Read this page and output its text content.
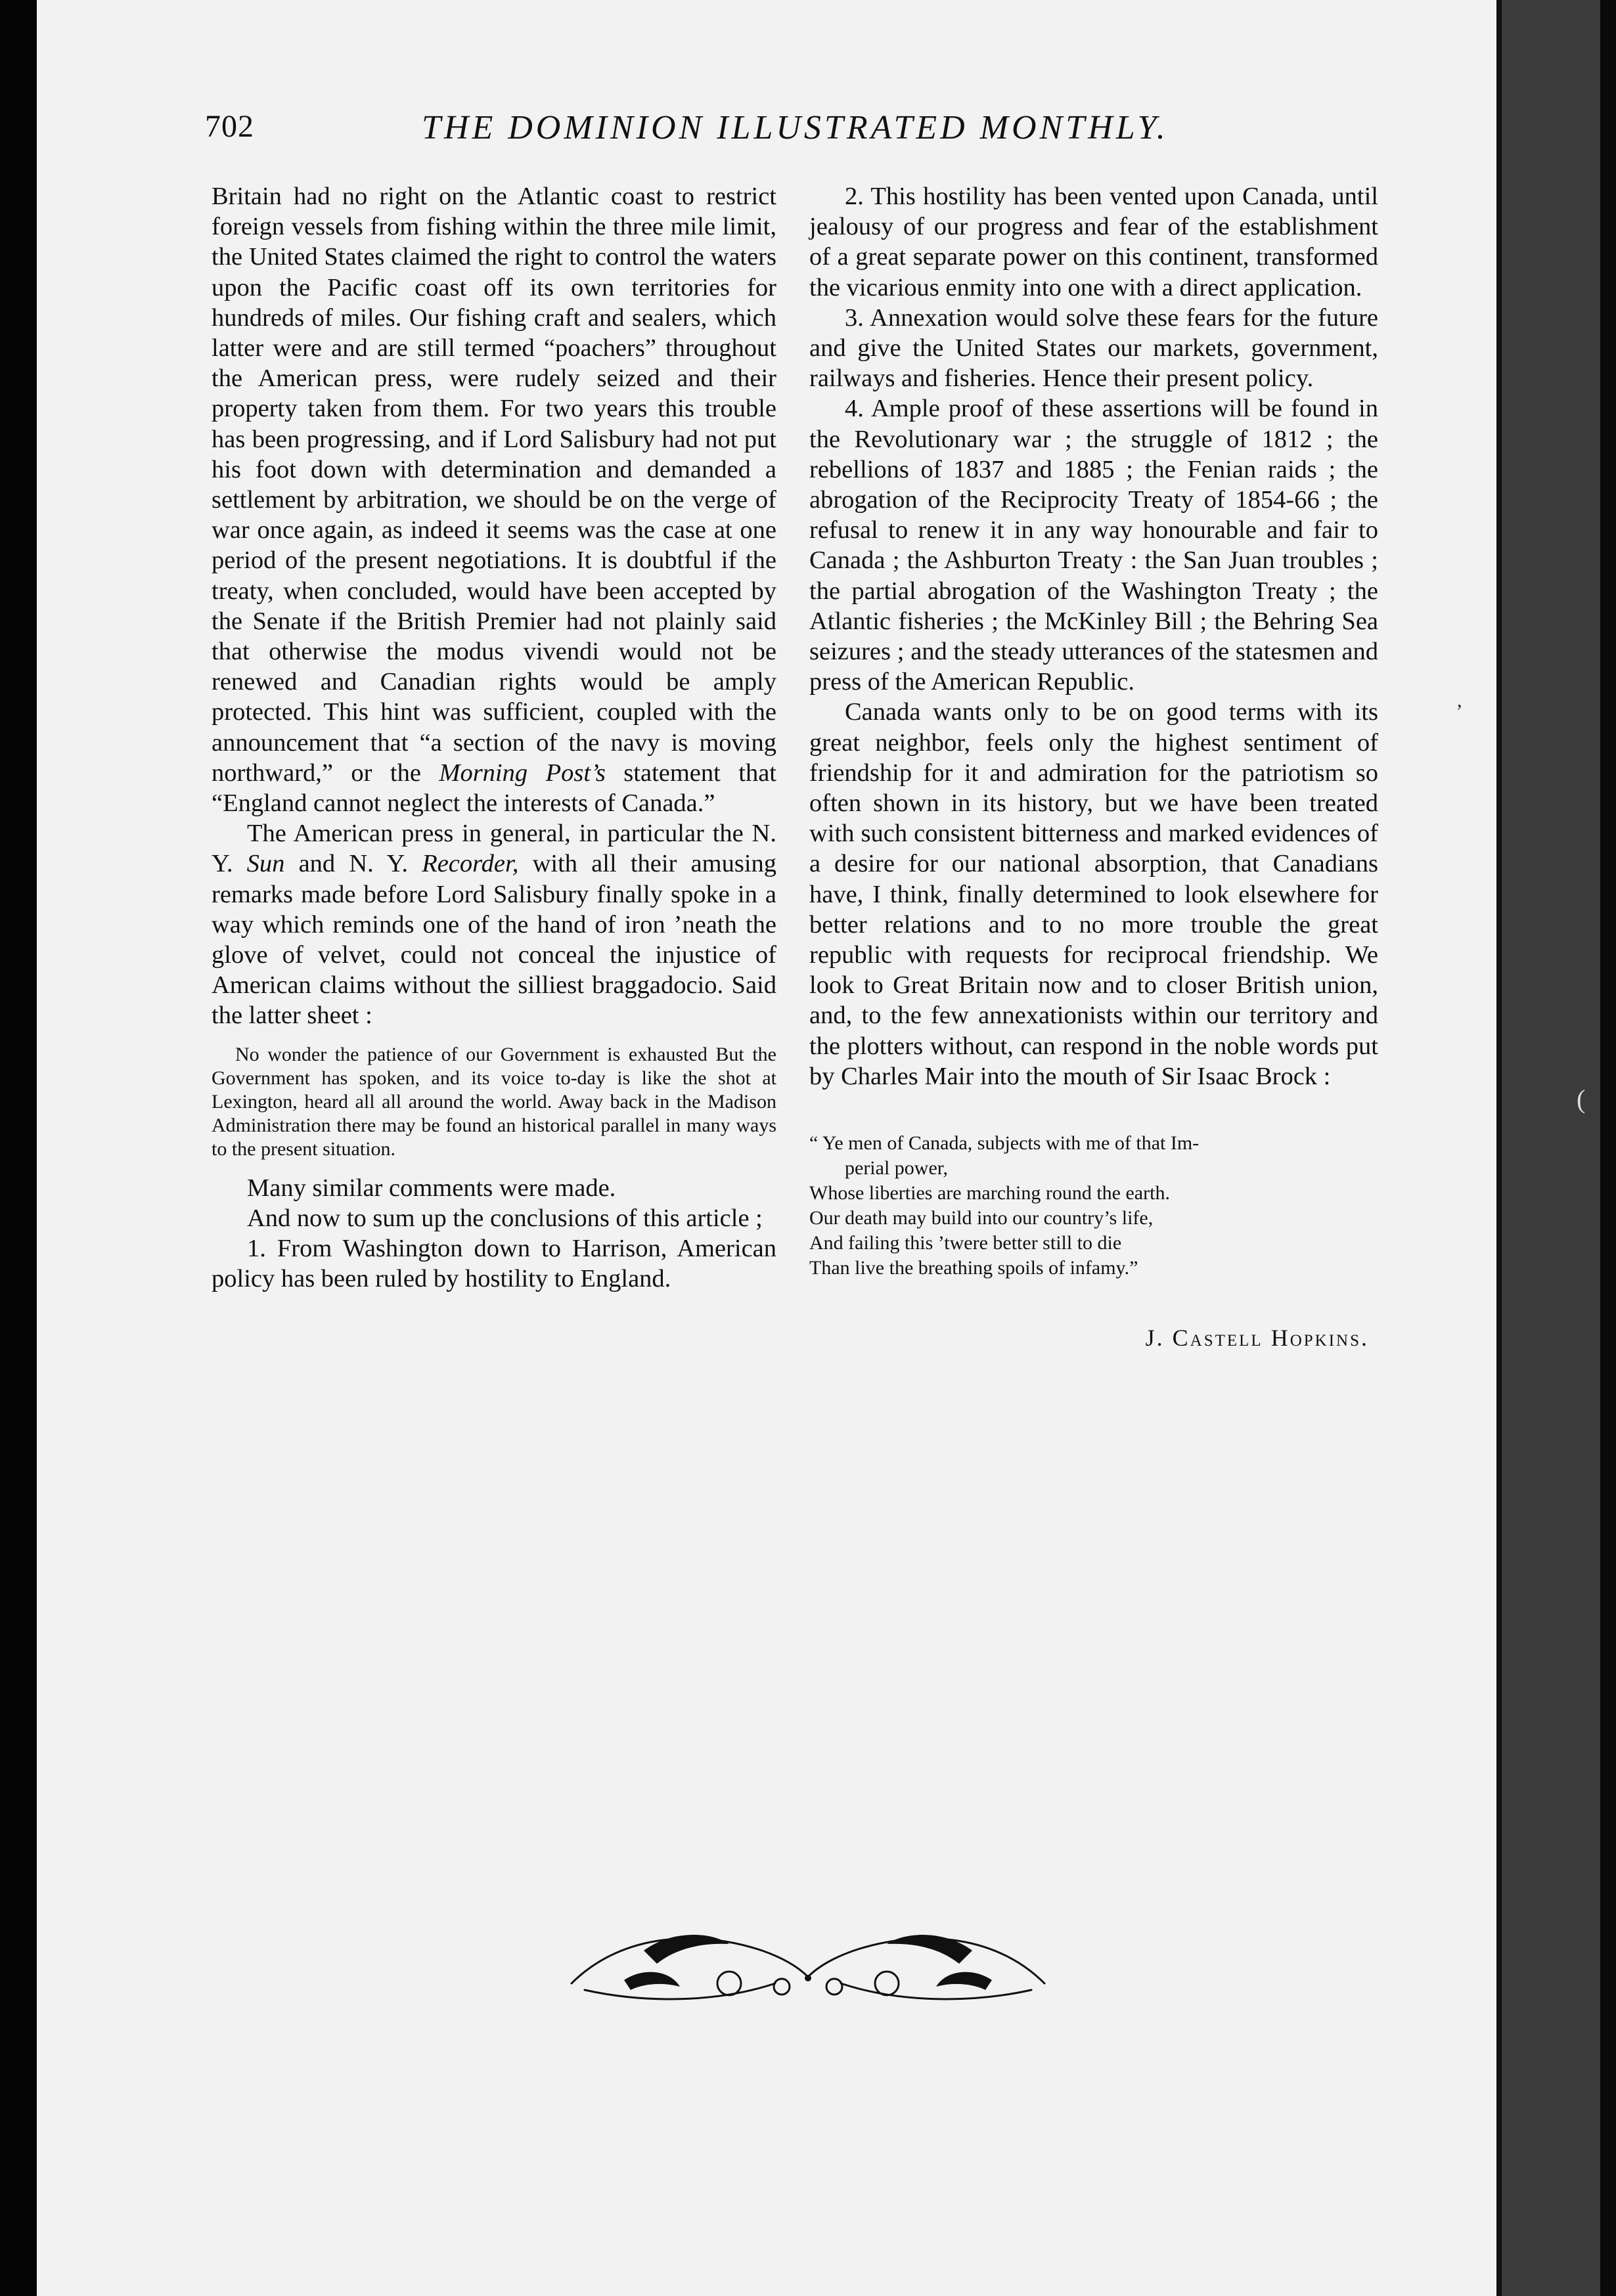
702	THE DOMINION ILLUSTRATED MONTHLY.

Britain had no right on the Atlantic coast to restrict foreign vessels from fishing within the three mile limit, the United States claimed the right to control the waters upon the Pacific coast off its own territories for hundreds of miles. Our fishing craft and sealers, which latter were and are still termed “poachers” throughout the American press, were rudely seized and their property taken from them. For two years this trouble has been progressing, and if Lord Salisbury had not put his foot down with determination and demanded a settlement by arbitration, we should be on the verge of war once again, as indeed it seems was the case at one period of the present negotiations. It is doubtful if the treaty, when concluded, would have been accepted by the Senate if the British Premier had not plainly said that otherwise the modus vivendi would not be renewed and Canadian rights would be amply protected. This hint was sufficient, coupled with the announcement that “a section of the navy is moving northward,” or the Morning Post’s statement that “England cannot neglect the interests of Canada.”

The American press in general, in particular the N. Y. Sun and N. Y. Recorder, with all their amusing remarks made before Lord Salisbury finally spoke in a way which reminds one of the hand of iron ’neath the glove of velvet, could not conceal the injustice of American claims without the silliest braggadocio. Said the latter sheet :

No wonder the patience of our Government is exhausted But the Government has spoken, and its voice to-day is like the shot at Lexington, heard all all around the world. Away back in the Madison Administration there may be found an historical parallel in many ways to the present situation.

Many similar comments were made.

And now to sum up the conclusions of this article ;

1. From Washington down to Harrison, American policy has been ruled by hostility to England.

2. This hostility has been vented upon Canada, until jealousy of our progress and fear of the establishment of a great separate power on this continent, transformed the vicarious enmity into one with a direct application.

3. Annexation would solve these fears for the future and give the United States our markets, government, railways and fisheries. Hence their present policy.

4. Ample proof of these assertions will be found in the Revolutionary war ; the struggle of 1812 ; the rebellions of 1837 and 1885 ; the Fenian raids ; the abrogation of the Reciprocity Treaty of 1854-66 ; the refusal to renew it in any way honourable and fair to Canada ; the Ashburton Treaty : the San Juan troubles ; the partial abrogation of the Washington Treaty ; the Atlantic fisheries ; the McKinley Bill ; the Behring Sea seizures ; and the steady utterances of the statesmen and press of the American Republic.

Canada wants only to be on good terms with its great neighbor, feels only the highest sentiment of friendship for it and admiration for the patriotism so often shown in its history, but we have been treated with such consistent bitterness and marked evidences of a desire for our national absorption, that Canadians have, I think, finally determined to look elsewhere for better relations and to no more trouble the great republic with requests for reciprocal friendship. We look to Great Britain now and to closer British union, and, to the few annexationists within our territory and the plotters without, can respond in the noble words put by Charles Mair into the mouth of Sir Isaac Brock :

“ Ye men of Canada, subjects with me of that Im-
perial power,
Whose liberties are marching round the earth.
Our death may build into our country’s life,
And failing this ’twere better still to die
Than live the breathing spoils of infamy.”
J. Castell Hopkins.
,
(
